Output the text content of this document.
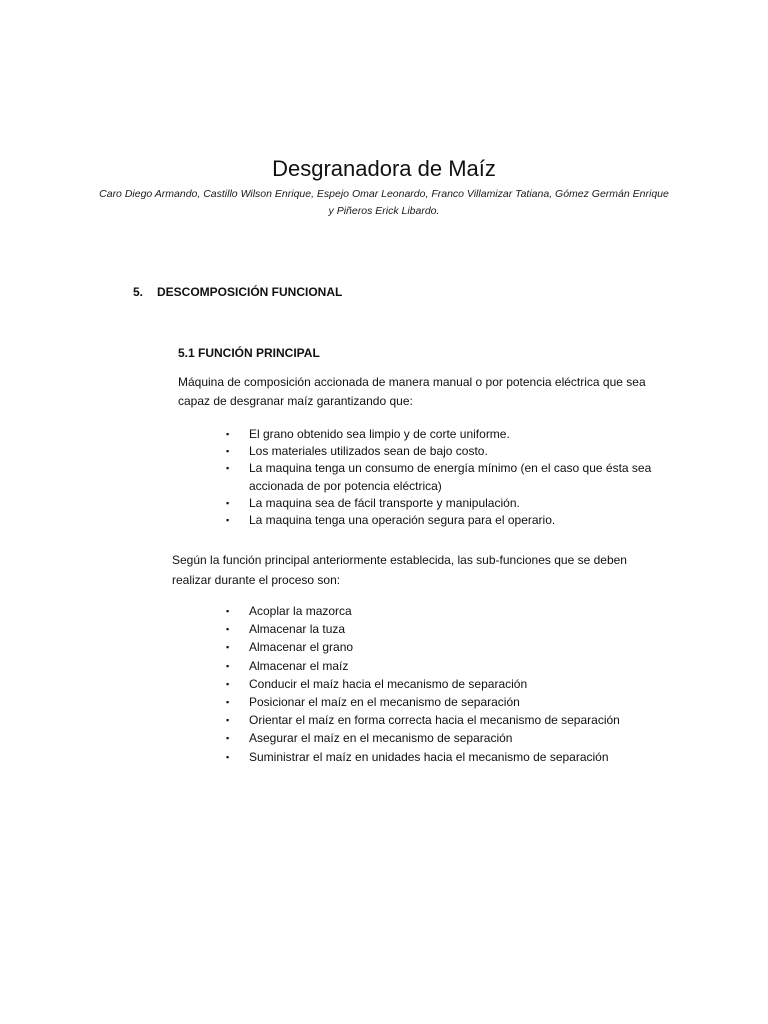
Desgranadora de Maíz

Caro Diego Armando, Castillo Wilson Enrique, Espejo Omar Leonardo, Franco Villamizar Tatiana, Gómez Germán Enrique y Piñeros Erick Libardo.

5. DESCOMPOSICIÓN FUNCIONAL
5.1 FUNCIÓN PRINCIPAL

Máquina de composición accionada de manera manual o por potencia eléctrica que sea capaz de desgranar maíz garantizando que:

▪ El grano obtenido sea limpio y de corte uniforme.
▪ Los materiales utilizados sean de bajo costo.
▪ La maquina tenga un consumo de energía mínimo (en el caso que ésta sea accionada de por potencia eléctrica)
▪ La maquina sea de fácil transporte y manipulación.
▪ La maquina tenga una operación segura para el operario.

Según la función principal anteriormente establecida, las sub-funciones que se deben realizar durante el proceso son:

▪ Acoplar la mazorca
▪ Almacenar la tuza
▪ Almacenar el grano
▪ Almacenar el maíz
▪ Conducir el maíz hacia el mecanismo de separación
▪ Posicionar el maíz en el mecanismo de separación
▪ Orientar el maíz en forma correcta hacia el mecanismo de separación
▪ Asegurar el maíz en el mecanismo de separación
▪ Suministrar el maíz en unidades hacia el mecanismo de separación
